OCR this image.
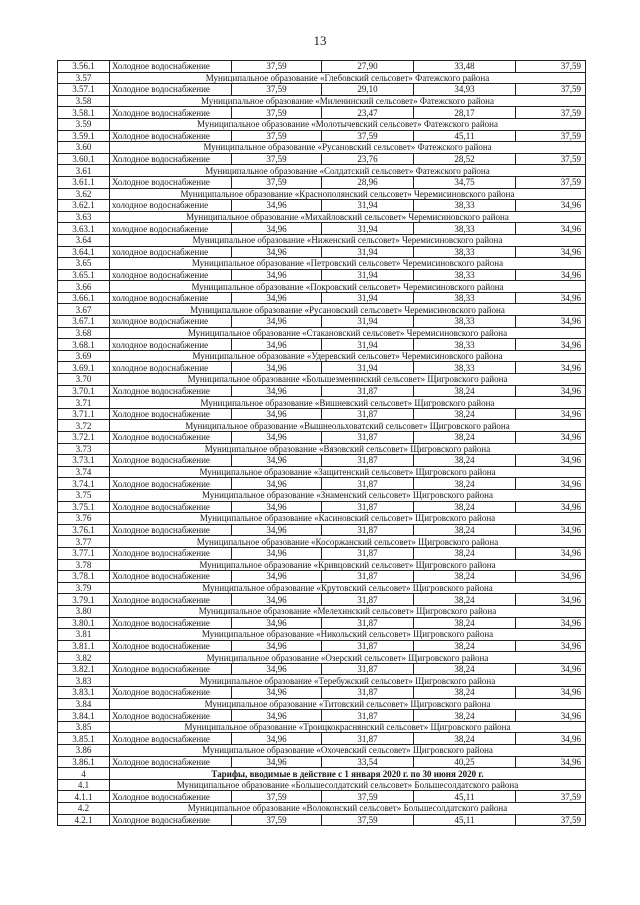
13
3.56.1	Холодное водоснабжение	37,59	27,90	33,48	37,59
3.57	Муниципальное образование «Глебовский сельсовет» Фатежского района				
3.57.1	Холодное водоснабжение	37,59	29,10	34,93	37,59
3.58	Муниципальное образование «Миленинский сельсовет» Фатежского района				
3.58.1	Холодное водоснабжение	37,59	23,47	28,17	37,59
3.59	Муниципальное образование «Молотычевский сельсовет» Фатежского района				
3.59.1	Холодное водоснабжение	37,59	37,59	45,11	37,59
3.60	Муниципальное образование «Русановский сельсовет» Фатежского района				
3.60.1	Холодное водоснабжение	37,59	23,76	28,52	37,59
3.61	Муниципальное образование «Солдатский сельсовет» Фатежского района				
3.61.1	Холодное водоснабжение	37,59	28,96	34,75	37,59
3.62	Муниципальное образование «Краснополянский сельсовет» Черемисиновского района				
3.62.1	холодное водоснабжение	34,96	31,94	38,33	34,96
3.63	Муниципальное образование «Михайловский сельсовет» Черемисиновского района				
3.63.1	холодное водоснабжение	34,96	31,94	38,33	34,96
3.64	Муниципальное образование «Ниженский сельсовет» Черемисиновского района				
3.64.1	холодное водоснабжение	34,96	31,94	38,33	34,96
3.65	Муниципальное образование «Петровский сельсовет» Черемисиновского района				
3.65.1	холодное водоснабжение	34,96	31,94	38,33	34,96
3.66	Муниципальное образование «Покровский сельсовет» Черемисиновского района				
3.66.1	холодное водоснабжение	34,96	31,94	38,33	34,96
3.67	Муниципальное образование «Русановский сельсовет» Черемисиновского района				
3.67.1	холодное водоснабжение	34,96	31,94	38,33	34,96
3.68	Муниципальное образование «Стакановский сельсовет» Черемисиновского района				
3.68.1	холодное водоснабжение	34,96	31,94	38,33	34,96
3.69	Муниципальное образование «Удеревский сельсовет» Черемисиновского района				
3.69.1	холодное водоснабжение	34,96	31,94	38,33	34,96
3.70	Муниципальное образование «Большезменинский сельсовет» Щигровского района				
3.70.1	Холодное водоснабжение	34,96	31,87	38,24	34,96
3.71	Муниципальное образование «Вишневский сельсовет» Щигровского района				
3.71.1	Холодное водоснабжение	34,96	31,87	38,24	34,96
3.72	Муниципальное образование «Вышнеольховатский сельсовет» Щигровского района				
3.72.1	Холодное водоснабжение	34,96	31,87	38,24	34,96
3.73	Муниципальное образование «Вязовский сельсовет» Щигровского района				
3.73.1	Холодное водоснабжение	34,96	31,87	38,24	34,96
3.74	Муниципальное образование «Защитенский сельсовет» Щигровского района				
3.74.1	Холодное водоснабжение	34,96	31,87	38,24	34,96
3.75	Муниципальное образование «Знаменский сельсовет» Щигровского района				
3.75.1	Холодное водоснабжение	34,96	31,87	38,24	34,96
3.76	Муниципальное образование «Касиновский сельсовет» Щигровского района				
3.76.1	Холодное водоснабжение	34,96	31,87	38,24	34,96
3.77	Муниципальное образование «Косоржанский сельсовет» Щигровского района				
3.77.1	Холодное водоснабжение	34,96	31,87	38,24	34,96
3.78	Муниципальное образование «Кривцовский сельсовет» Щигровского района				
3.78.1	Холодное водоснабжение	34,96	31,87	38,24	34,96
3.79	Муниципальное образование «Крутовский сельсовет» Щигровского района				
3.79.1	Холодное водоснабжение	34,96	31,87	38,24	34,96
3.80	Муниципальное образование «Мелехинский сельсовет» Щигровского района				
3.80.1	Холодное водоснабжение	34,96	31,87	38,24	34,96
3.81	Муниципальное образование «Никольский сельсовет» Щигровского района				
3.81.1	Холодное водоснабжение	34,96	31,87	38,24	34,96
3.82	Муниципальное образование «Озерский сельсовет» Щигровского района				
3.82.1	Холодное водоснабжение	34,96	31,87	38,24	34,96
3.83	Муниципальное образование «Теребужский сельсовет» Щигровского района				
3.83.1	Холодное водоснабжение	34,96	31,87	38,24	34,96
3.84	Муниципальное образование «Титовский сельсовет» Щигровского района				
3.84.1	Холодное водоснабжение	34,96	31,87	38,24	34,96
3.85	Муниципальное образование «Троицкокраснянский сельсовет» Щигровского района				
3.85.1	Холодное водоснабжение	34,96	31,87	38,24	34,96
3.86	Муниципальное образование «Охочевский сельсовет» Щигровского района				
3.86.1	Холодное водоснабжение	34,96	33,54	40,25	34,96
4	Тарифы, вводимые в действие с 1 января 2020 г. по 30 июня 2020 г.				
4.1	Муниципальное образование «Большесолдатский сельсовет» Большесолдатского района				
4.1.1	Холодное водоснабжение	37,59	37,59	45,11	37,59
4.2	Муниципальное образование «Волоконский сельсовет» Большесолдатского района				
4.2.1	Холодное водоснабжение	37,59	37,59	45,11	37,59
